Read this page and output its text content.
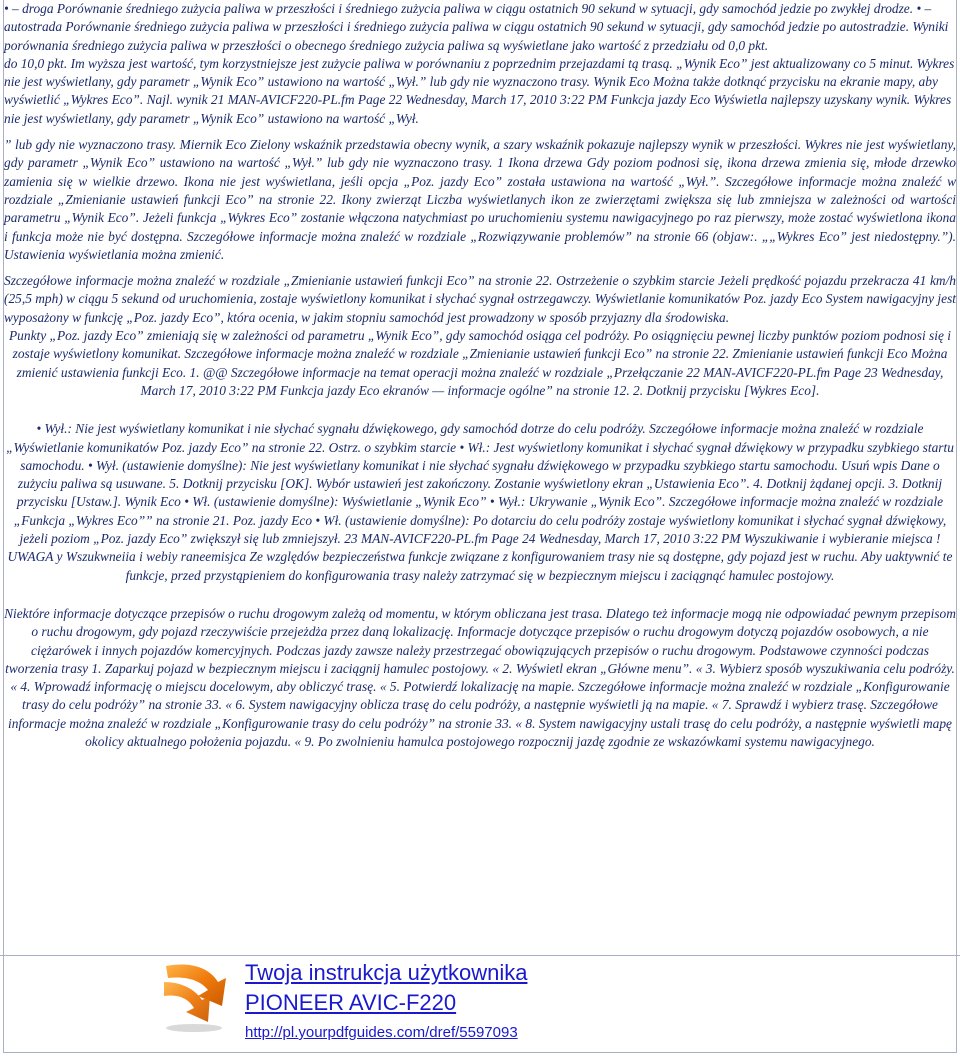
• – droga Porównanie średniego zużycia paliwa w przeszłości i średniego zużycia paliwa w ciągu ostatnich 90 sekund w sytuacji, gdy samochód jedzie po zwykłej drodze. • – autostrada Porównanie średniego zużycia paliwa w przeszłości i średniego zużycia paliwa w ciągu ostatnich 90 sekund w sytuacji, gdy samochód jedzie po autostradzie. Wyniki porównania średniego zużycia paliwa w przeszłości o obecnego średniego zużycia paliwa są wyświetlane jako wartość z przedziału od 0,0 pkt.

do 10,0 pkt. Im wyższa jest wartość, tym korzystniejsze jest zużycie paliwa w porównaniu z poprzednim przejazdami tą trasą. „Wynik Eco” jest aktualizowany co 5 minut. Wykres nie jest wyświetlany, gdy parametr „Wynik Eco” ustawiono na wartość „Wył.” lub gdy nie wyznaczono trasy. Wynik Eco Można także dotknąć przycisku na ekranie mapy, aby wyświetlić „Wykres Eco”. Najl. wynik 21 MAN-AVICF220-PL.fm Page 22 Wednesday, March 17, 2010 3:22 PM Funkcja jazdy Eco Wyświetla najlepszy uzyskany wynik. Wykres nie jest wyświetlany, gdy parametr „Wynik Eco” ustawiono na wartość „Wył.

” lub gdy nie wyznaczono trasy. Miernik Eco Zielony wskaźnik przedstawia obecny wynik, a szary wskaźnik pokazuje najlepszy wynik w przeszłości. Wykres nie jest wyświetlany, gdy parametr „Wynik Eco” ustawiono na wartość „Wył.” lub gdy nie wyznaczono trasy. 1 Ikona drzewa Gdy poziom podnosi się, ikona drzewa zmienia się, młode drzewko zamienia się w wielkie drzewo. Ikona nie jest wyświetlana, jeśli opcja „Poz. jazdy Eco” została ustawiona na wartość „Wył.”. Szczegółowe informacje można znaleźć w rozdziale „Zmienianie ustawień funkcji Eco” na stronie 22. Ikony zwierząt Liczba wyświetlanych ikon ze zwierzętami zwiększa się lub zmniejsza w zależności od wartości parametru „Wynik Eco”. Jeżeli funkcja „Wykres Eco” zostanie włączona natychmiast po uruchomieniu systemu nawigacyjnego po raz pierwszy, może zostać wyświetlona ikona i funkcja może nie być dostępna. Szczegółowe informacje można znaleźć w rozdziale „Rozwiązywanie problemów” na stronie 66 (objaw:. „„Wykres Eco” jest niedostępny.”). Ustawienia wyświetlania można zmienić.

Szczegółowe informacje można znaleźć w rozdziale „Zmienianie ustawień funkcji Eco” na stronie 22. Ostrzeżenie o szybkim starcie Jeżeli prędkość pojazdu przekracza 41 km/h (25,5 mph) w ciągu 5 sekund od uruchomienia, zostaje wyświetlony komunikat i słychać sygnał ostrzegawczy. Wyświetlanie komunikatów Poz. jazdy Eco System nawigacyjny jest wyposażony w funkcję „Poz. jazdy Eco”, która ocenia, w jakim stopniu samochód jest prowadzony w sposób przyjazny dla środowiska.

Punkty „Poz. jazdy Eco” zmieniają się w zależności od parametru „Wynik Eco”, gdy samochód osiąga cel podróży. Po osiągnięciu pewnej liczby punktów poziom podnosi się i zostaje wyświetlony komunikat. Szczegółowe informacje można znaleźć w rozdziale „Zmienianie ustawień funkcji Eco” na stronie 22. Zmienianie ustawień funkcji Eco Można zmienić ustawienia funkcji Eco. 1. @@ Szczegółowe informacje na temat operacji można znaleźć w rozdziale „Przełączanie 22 MAN-AVICF220-PL.fm Page 23 Wednesday, March 17, 2010 3:22 PM Funkcja jazdy Eco ekranów — informacje ogólne” na stronie 12. 2. Dotknij przycisku [Wykres Eco].

• Wył.: Nie jest wyświetlany komunikat i nie słychać sygnału dźwiękowego, gdy samochód dotrze do celu podróży. Szczegółowe informacje można znaleźć w rozdziale „Wyświetlanie komunikatów Poz. jazdy Eco” na stronie 22. Ostrz. o szybkim starcie • Wł.: Jest wyświetlony komunikat i słychać sygnał dźwiękowy w przypadku szybkiego startu samochodu. • Wył. (ustawienie domyślne): Nie jest wyświetlany komunikat i nie słychać sygnału dźwiękowego w przypadku szybkiego startu samochodu. Usuń wpis Dane o zużyciu paliwa są usuwane. 5. Dotknij przycisku [OK]. Wybór ustawień jest zakończony. Zostanie wyświetlony ekran „Ustawienia Eco”. 4. Dotknij żądanej opcji. 3. Dotknij przycisku [Ustaw.]. Wynik Eco • Wł. (ustawienie domyślne): Wyświetlanie „Wynik Eco” • Wył.: Ukrywanie „Wynik Eco”. Szczegółowe informacje można znaleźć w rozdziale „Funkcja „Wykres Eco”” na stronie 21. Poz. jazdy Eco • Wł. (ustawienie domyślne): Po dotarciu do celu podróży zostaje wyświetlony komunikat i słychać sygnał dźwiękowy, jeżeli poziom „Poz. jazdy Eco” zwiększył się lub zmniejszył. 23 MAN-AVICF220-PL.fm Page 24 Wednesday, March 17, 2010 3:22 PM Wyszukiwanie i wybieranie miejsca ! UWAGA y Wszukwneiia i webiy raneemisjca Ze względów bezpieczeństwa funkcje związane z konfigurowaniem trasy nie są dostępne, gdy pojazd jest w ruchu. Aby uaktywnić te funkcje, przed przystąpieniem do konfigurowania trasy należy zatrzymać się w bezpiecznym miejscu i zaciągnąć hamulec postojowy.

Niektóre informacje dotyczące przepisów o ruchu drogowym zależą od momentu, w którym obliczana jest trasa. Dlatego też informacje mogą nie odpowiadać pewnym przepisom o ruchu drogowym, gdy pojazd rzeczywiście przejeżdża przez daną lokalizację. Informacje dotyczące przepisów o ruchu drogowym dotyczą pojazdów osobowych, a nie ciężarówek i innych pojazdów komercyjnych. Podczas jazdy zawsze należy przestrzegać obowiązujących przepisów o ruchu drogowym. Podstawowe czynności podczas tworzenia trasy 1. Zaparkuj pojazd w bezpiecznym miejscu i zaciągnij hamulec postojowy. « 2. Wyświetl ekran „Główne menu”. « 3. Wybierz sposób wyszukiwania celu podróży. « 4. Wprowadź informację o miejscu docelowym, aby obliczyć trasę. « 5. Potwierdź lokalizację na mapie. Szczegółowe informacje można znaleźć w rozdziale „Konfigurowanie trasy do celu podróży” na stronie 33. « 6. System nawigacyjny oblicza trasę do celu podróży, a następnie wyświetli ją na mapie. « 7. Sprawdź i wybierz trasę. Szczegółowe informacje można znaleźć w rozdziale „Konfigurowanie trasy do celu podróży” na stronie 33. « 8. System nawigacyjny ustali trasę do celu podróży, a następnie wyświetli mapę okolicy aktualnego położenia pojazdu. « 9. Po zwolnieniu hamulca postojowego rozpocznij jazdę zgodnie ze wskazówkami systemu nawigacyjnego.

Twoja instrukcja użytkownika
PIONEER AVIC-F220
http://pl.yourpdfguides.com/dref/5597093
